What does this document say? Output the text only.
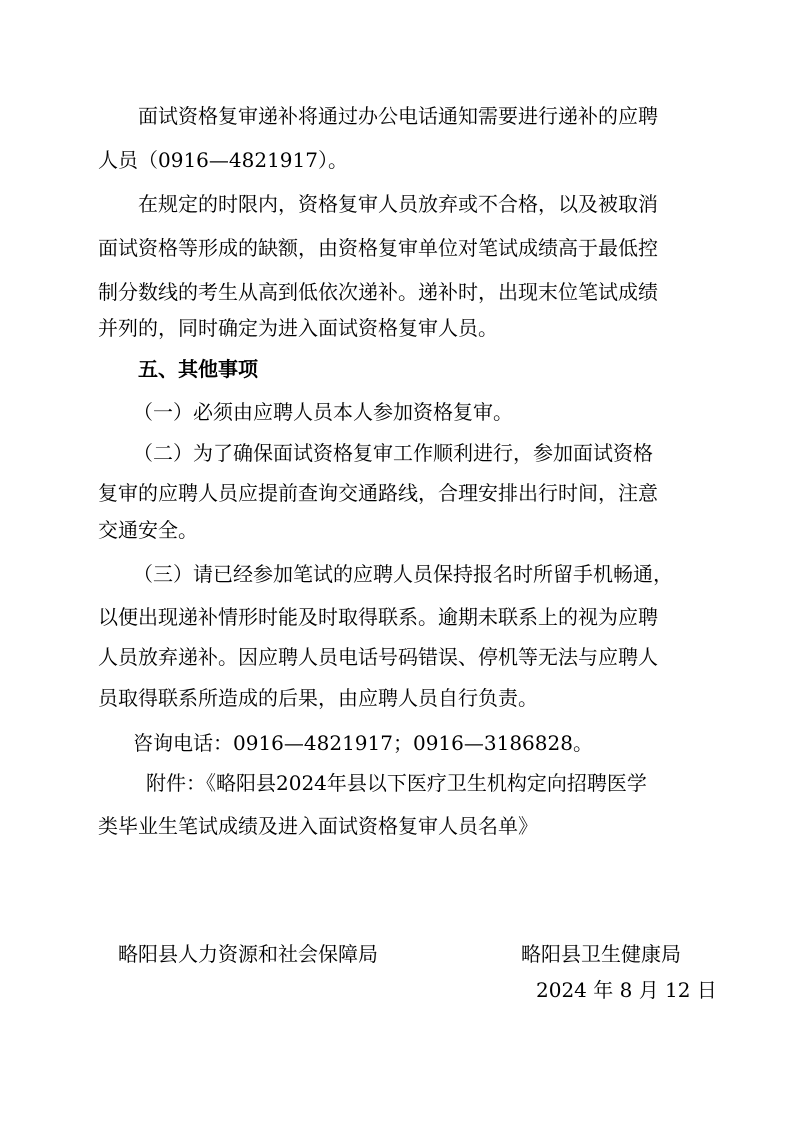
面试资格复审递补将通过办公电话通知需要进行递补的应聘
人员（0916—4821917）。
在规定的时限内，资格复审人员放弃或不合格，以及被取消
面试资格等形成的缺额，由资格复审单位对笔试成绩高于最低控
制分数线的考生从高到低依次递补。递补时，出现末位笔试成绩
并列的，同时确定为进入面试资格复审人员。
五、其他事项
（一）必须由应聘人员本人参加资格复审。
（二）为了确保面试资格复审工作顺利进行，参加面试资格
复审的应聘人员应提前查询交通路线，合理安排出行时间，注意
交通安全。
（三）请已经参加笔试的应聘人员保持报名时所留手机畅通，
以便出现递补情形时能及时取得联系。逾期未联系上的视为应聘
人员放弃递补。因应聘人员电话号码错误、停机等无法与应聘人
员取得联系所造成的后果，由应聘人员自行负责。
咨询电话：0916—4821917；0916—3186828。
附件：《略阳县2024年县以下医疗卫生机构定向招聘医学
类毕业生笔试成绩及进入面试资格复审人员名单》
略阳县人力资源和社会保障局	略阳县卫生健康局
2024 年 8 月 12 日
